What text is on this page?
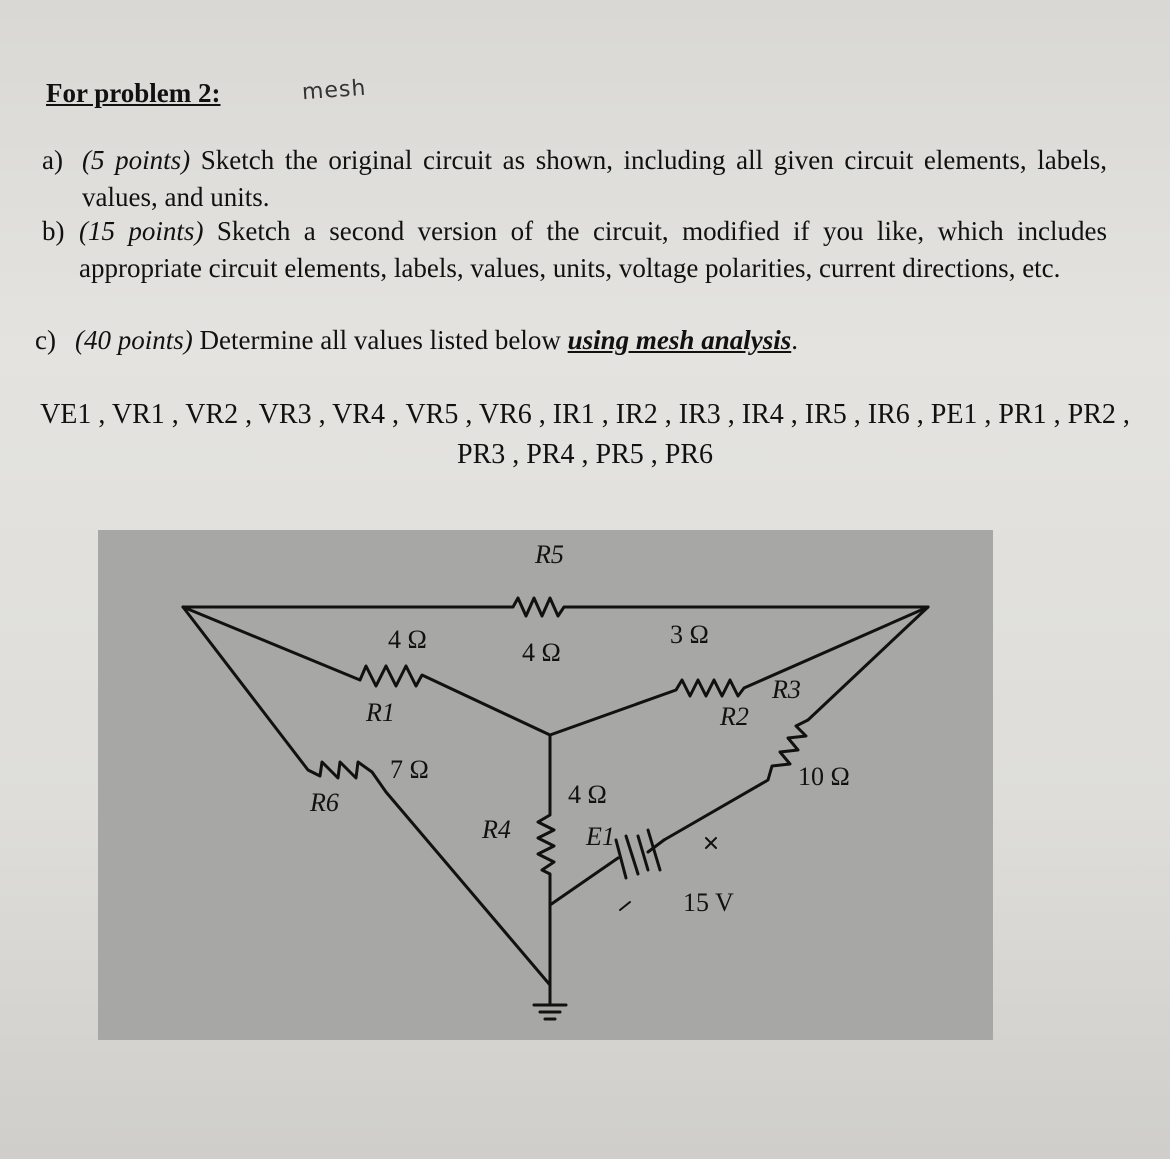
For problem 2:	mesh
a) (5 points) Sketch the original circuit as shown, including all given circuit elements, labels, values, and units.
b) (15 points) Sketch a second version of the circuit, modified if you like, which includes appropriate circuit elements, labels, values, units, voltage polarities, current directions, etc.
c) (40 points) Determine all values listed below using mesh analysis.
VE1 , VR1 , VR2 , VR3 , VR4 , VR5 , VR6 , IR1 , IR2 , IR3 , IR4 , IR5 , IR6 , PE1 , PR1 , PR2 ,
PR3 , PR4 , PR5 , PR6
R5
4 Ω
4 Ω
R1
7 Ω
R6
3 Ω
R2
R3
10 Ω
4 Ω
R4	E1
15 V
